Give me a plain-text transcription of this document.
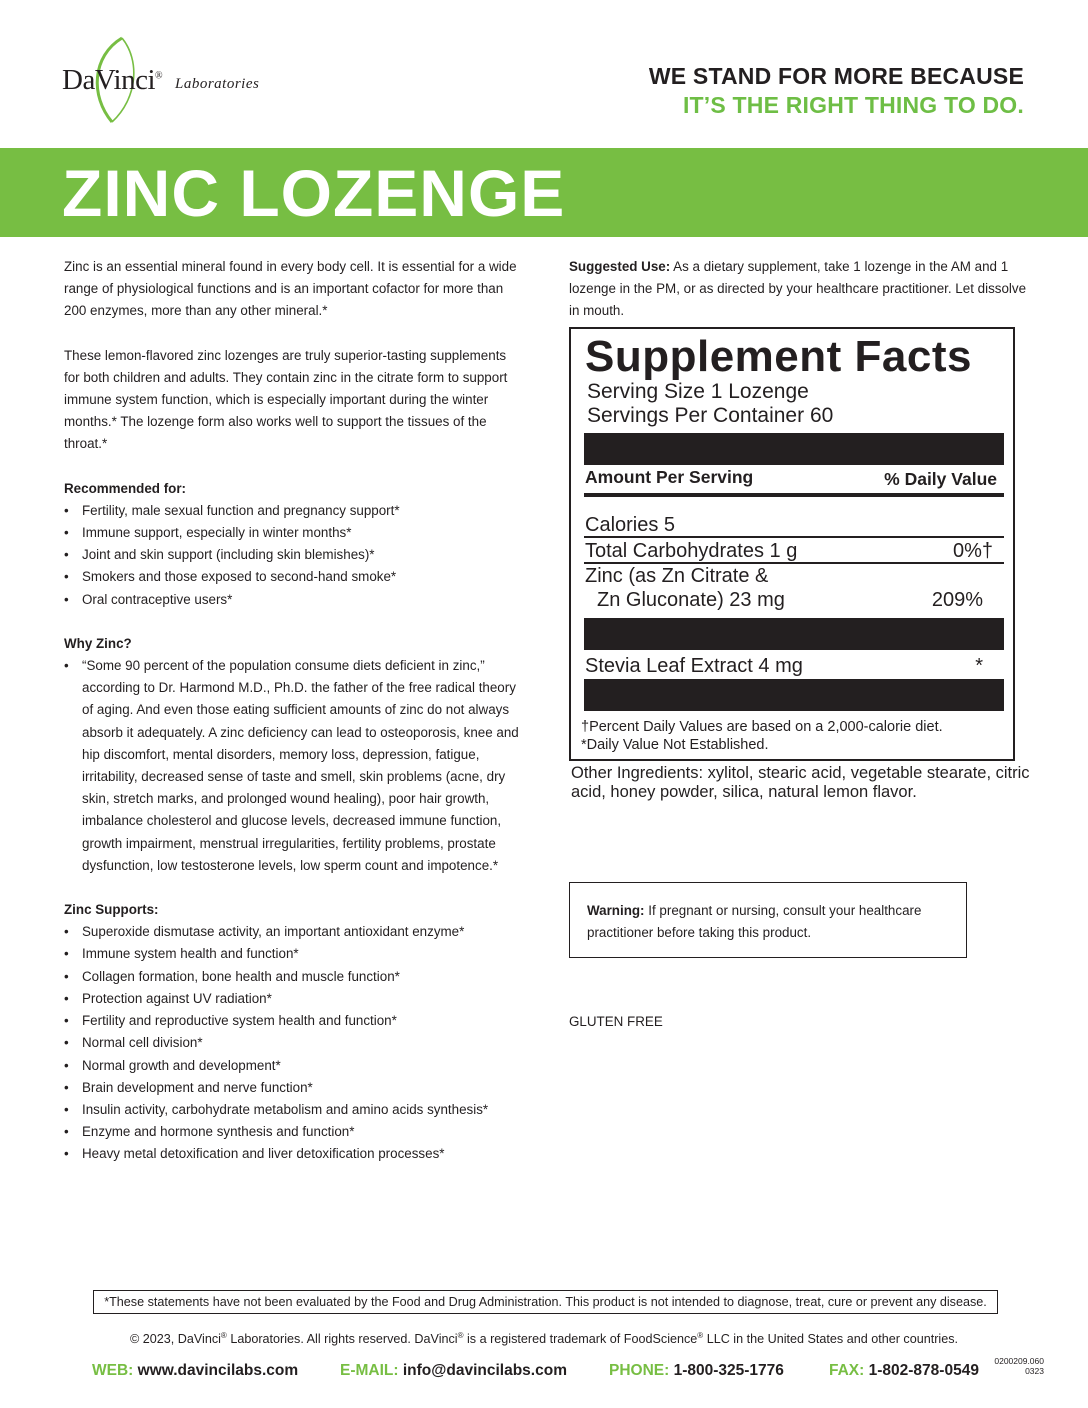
DaVinci®
Laboratories	WE STAND FOR MORE BECAUSE
IT’S THE RIGHT THING TO DO.
ZINC LOZENGE

Zinc is an essential mineral found in every body cell. It is essential for a wide range of physiological functions and is an important cofactor for more than 200 enzymes, more than any other mineral.*

These lemon-flavored zinc lozenges are truly superior-tasting supplements for both children and adults. They contain zinc in the citrate form to support immune system function, which is especially important during the winter months.* The lozenge form also works well to support the tissues of the throat.*

Recommended for:
• Fertility, male sexual function and pregnancy support*
• Immune support, especially in winter months*
• Joint and skin support (including skin blemishes)*
• Smokers and those exposed to second-hand smoke*
• Oral contraceptive users*
Why Zinc?
• “Some 90 percent of the population consume diets deficient in zinc,” according to Dr. Harmond M.D., Ph.D. the father of the free radical theory of aging. And even those eating sufficient amounts of zinc do not always absorb it adequately. A zinc deficiency can lead to osteoporosis, knee and hip discomfort, mental disorders, memory loss, depression, fatigue, irritability, decreased sense of taste and smell, skin problems (acne, dry skin, stretch marks, and prolonged wound healing), poor hair growth, imbalance cholesterol and glucose levels, decreased immune function, growth impairment, menstrual irregularities, fertility problems, prostate dysfunction, low testosterone levels, low sperm count and impotence.*
Zinc Supports:
• Superoxide dismutase activity, an important antioxidant enzyme*
• Immune system health and function*
• Collagen formation, bone health and muscle function*
• Protection against UV radiation*
• Fertility and reproductive system health and function*
• Normal cell division*
• Normal growth and development*
• Brain development and nerve function*
• Insulin activity, carbohydrate metabolism and amino acids synthesis*
• Enzyme and hormone synthesis and function*
• Heavy metal detoxification and liver detoxification processes*
Suggested Use: As a dietary supplement, take 1 lozenge in the AM and 1 lozenge in the PM, or as directed by your healthcare practitioner. Let dissolve in mouth.
Supplement Facts
Serving Size 1 Lozenge
Servings Per Container 60
Amount Per Serving	% Daily Value
Calories 5
Total Carbohydrates 1 g	0%†
Zinc (as Zn Citrate &
Zn Gluconate) 23 mg	209%
Stevia Leaf Extract 4 mg	*
†Percent Daily Values are based on a 2,000-calorie diet.
*Daily Value Not Established.
Other Ingredients: xylitol, stearic acid, vegetable stearate, citric acid, honey powder, silica, natural lemon flavor.
Warning: If pregnant or nursing, consult your healthcare practitioner before taking this product.
GLUTEN FREE
*These statements have not been evaluated by the Food and Drug Administration. This product is not intended to diagnose, treat, cure or prevent any disease.
© 2023, DaVinci® Laboratories. All rights reserved. DaVinci® is a registered trademark of FoodScience® LLC in the United States and other countries.
WEB: www.davincilabs.com	E-MAIL: info@davincilabs.com	PHONE: 1-800-325-1776	FAX: 1-802-878-0549
0200209.060
0323
